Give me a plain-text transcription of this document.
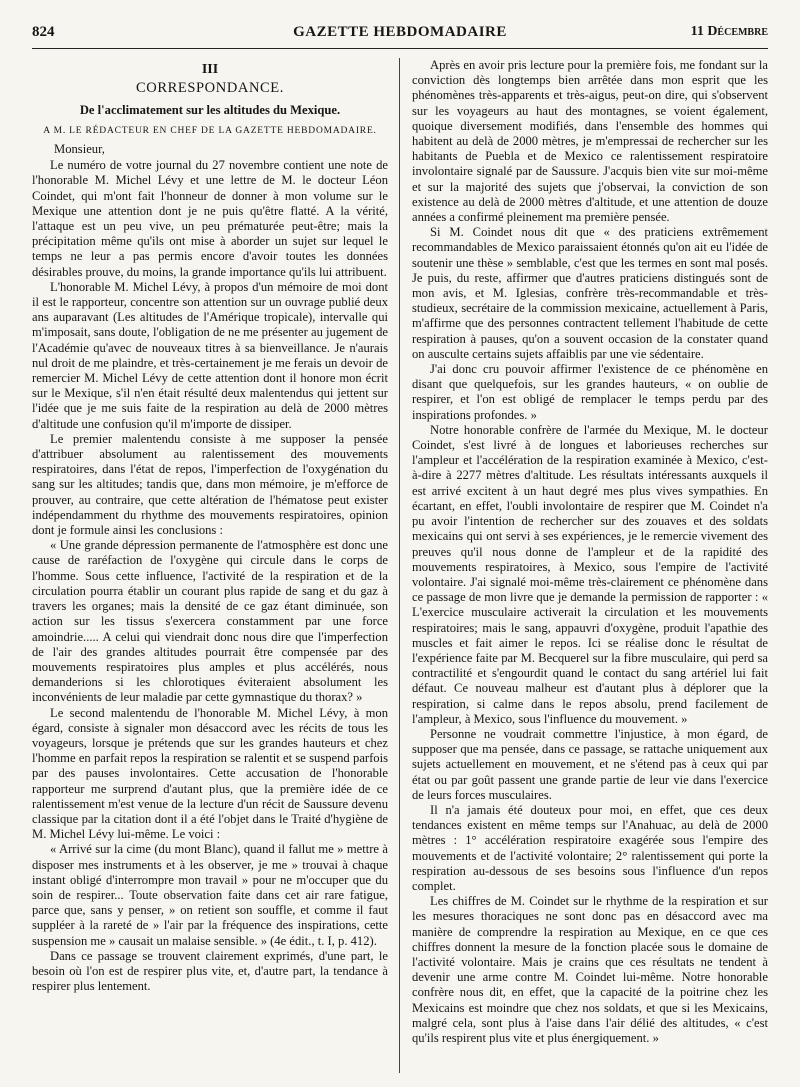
824	GAZETTE HEBDOMADAIRE	11 Décembre
III
CORRESPONDANCE.
De l'acclimatement sur les altitudes du Mexique.
A M. LE RÉDACTEUR EN CHEF DE LA GAZETTE HEBDOMADAIRE.

Monsieur,

Le numéro de votre journal du 27 novembre contient une note de l'honorable M. Michel Lévy et une lettre de M. le docteur Léon Coindet, qui m'ont fait l'honneur de donner à mon volume sur le Mexique une attention dont je ne puis qu'être flatté. A la vérité, l'attaque est un peu vive, un peu prématurée peut-être; mais la précipitation même qu'ils ont mise à aborder un sujet sur lequel le temps ne leur a pas permis encore d'avoir toutes les données désirables prouve, du moins, la grande importance qu'ils lui attribuent.

L'honorable M. Michel Lévy, à propos d'un mémoire de moi dont il est le rapporteur, concentre son attention sur un ouvrage publié deux ans auparavant (Les altitudes de l'Amérique tropicale), intervalle qui m'imposait, sans doute, l'obligation de ne me présenter au jugement de l'Académie qu'avec de nouveaux titres à sa bienveillance. Je n'aurais nul droit de me plaindre, et très-certainement je me ferais un devoir de remercier M. Michel Lévy de cette attention dont il honore mon écrit sur le Mexique, s'il n'en était résulté deux malentendus qui jettent sur l'idée que je me suis faite de la respiration au delà de 2000 mètres d'altitude une confusion qu'il m'importe de dissiper.

Le premier malentendu consiste à me supposer la pensée d'attribuer absolument au ralentissement des mouvements respiratoires, dans l'état de repos, l'imperfection de l'oxygénation du sang sur les altitudes; tandis que, dans mon mémoire, je m'efforce de prouver, au contraire, que cette altération de l'hématose peut exister indépendamment du rhythme des mouvements respiratoires, opinion dont je formule ainsi les conclusions :

« Une grande dépression permanente de l'atmosphère est donc une cause de raréfaction de l'oxygène qui circule dans le corps de l'homme. Sous cette influence, l'activité de la respiration et de la circulation pourra établir un courant plus rapide de sang et du gaz à travers les organes; mais la densité de ce gaz étant diminuée, son action sur les tissus s'exercera constamment par une force amoindrie..... A celui qui viendrait donc nous dire que l'imperfection de l'air des grandes altitudes pourrait être compensée par des mouvements respiratoires plus amples et plus accélérés, nous demanderions si les chlorotiques éviteraient absolument les inconvénients de leur maladie par cette gymnastique du thorax? »

Le second malentendu de l'honorable M. Michel Lévy, à mon égard, consiste à signaler mon désaccord avec les récits de tous les voyageurs, lorsque je prétends que sur les grandes hauteurs et chez l'homme en parfait repos la respiration se ralentit et se suspend parfois par des pauses involontaires. Cette accusation de l'honorable rapporteur me surprend d'autant plus, que la première idée de ce ralentissement m'est venue de la lecture d'un récit de Saussure devenu classique par la citation dont il a été l'objet dans le Traité d'hygiène de M. Michel Lévy lui-même. Le voici :

« Arrivé sur la cime (du mont Blanc), quand il fallut me » mettre à disposer mes instruments et à les observer, je me » trouvai à chaque instant obligé d'interrompre mon travail » pour ne m'occuper que du soin de respirer... Toute observation faite dans cet air rare fatigue, parce que, sans y penser, » on retient son souffle, et comme il faut suppléer à la rareté de » l'air par la fréquence des inspirations, cette suspension me » causait un malaise sensible. » (4e édit., t. I, p. 412).

Dans ce passage se trouvent clairement exprimés, d'une part, le besoin où l'on est de respirer plus vite, et, d'autre part, la tendance à respirer plus lentement.

Après en avoir pris lecture pour la première fois, me fondant sur la conviction dès longtemps bien arrêtée dans mon esprit que les phénomènes très-apparents et très-aigus, peut-on dire, qui s'observent sur les voyageurs au haut des montagnes, se voient également, quoique diversement modifiés, dans l'ensemble des hommes qui habitent au delà de 2000 mètres, je m'empressai de rechercher sur les habitants de Puebla et de Mexico ce ralentissement respiratoire involontaire signalé par de Saussure. J'acquis bien vite sur moi-même et sur la majorité des sujets que j'observai, la conviction de son existence au delà de 2000 mètres d'altitude, et une attention de douze années a confirmé pleinement ma première pensée.

Si M. Coindet nous dit que « des praticiens extrêmement recommandables de Mexico paraissaient étonnés qu'on ait eu l'idée de soutenir une thèse » semblable, c'est que les termes en sont mal posés. Je puis, du reste, affirmer que d'autres praticiens distingués sont de mon avis, et M. Iglesias, confrère très-recommandable et très-studieux, secrétaire de la commission mexicaine, actuellement à Paris, m'affirme que des personnes contractent tellement l'habitude de cette respiration à pauses, qu'on a souvent occasion de la constater quand on ausculte certains sujets affaiblis par une vie sédentaire.

J'ai donc cru pouvoir affirmer l'existence de ce phénomène en disant que quelquefois, sur les grandes hauteurs, « on oublie de respirer, et l'on est obligé de remplacer le temps perdu par des inspirations profondes. »

Notre honorable confrère de l'armée du Mexique, M. le docteur Coindet, s'est livré à de longues et laborieuses recherches sur l'ampleur et l'accélération de la respiration examinée à Mexico, c'est-à-dire à 2277 mètres d'altitude. Les résultats intéressants auxquels il est arrivé excitent à un haut degré mes plus vives sympathies. En écartant, en effet, l'oubli involontaire de respirer que M. Coindet n'a pu avoir l'intention de rechercher sur des zouaves et des soldats mexicains qui ont servi à ses expériences, je le remercie vivement des preuves qu'il nous donne de l'ampleur et de la rapidité des mouvements respiratoires, à Mexico, sous l'empire de l'activité volontaire. J'ai signalé moi-même très-clairement ce phénomène dans ce passage de mon livre que je demande la permission de rapporter : « L'exercice musculaire activerait la circulation et les mouvements respiratoires; mais le sang, appauvri d'oxygène, produit l'apathie des muscles et fait aimer le repos. Ici se réalise donc le résultat de l'expérience faite par M. Becquerel sur la fibre musculaire, qui perd sa contractilité et s'engourdit quand le contact du sang artériel lui fait défaut. Ce nouveau malheur est d'autant plus à déplorer que la respiration, si calme dans le repos absolu, prend facilement de l'ampleur, à Mexico, sous l'influence du mouvement. »

Personne ne voudrait commettre l'injustice, à mon égard, de supposer que ma pensée, dans ce passage, se rattache uniquement aux sujets actuellement en mouvement, et ne s'étend pas à ceux qui par état ou par goût passent une grande partie de leur vie dans l'exercice de leurs forces musculaires.

Il n'a jamais été douteux pour moi, en effet, que ces deux tendances existent en même temps sur l'Anahuac, au delà de 2000 mètres : 1° accélération respiratoire exagérée sous l'empire des mouvements et de l'activité volontaire; 2° ralentissement qui porte la respiration au-dessous de ses besoins sous l'influence d'un repos complet.

Les chiffres de M. Coindet sur le rhythme de la respiration et sur les mesures thoraciques ne sont donc pas en désaccord avec ma manière de comprendre la respiration au Mexique, en ce que ces chiffres donnent la mesure de la fonction placée sous le domaine de l'activité volontaire. Mais je crains que ces résultats ne tendent à devenir une arme contre M. Coindet lui-même. Notre honorable confrère nous dit, en effet, que la capacité de la poitrine chez les Mexicains est moindre que chez nos soldats, et que si les Mexicains, malgré cela, sont plus à l'aise dans l'air délié des altitudes, « c'est qu'ils respirent plus vite et plus énergiquement. »
